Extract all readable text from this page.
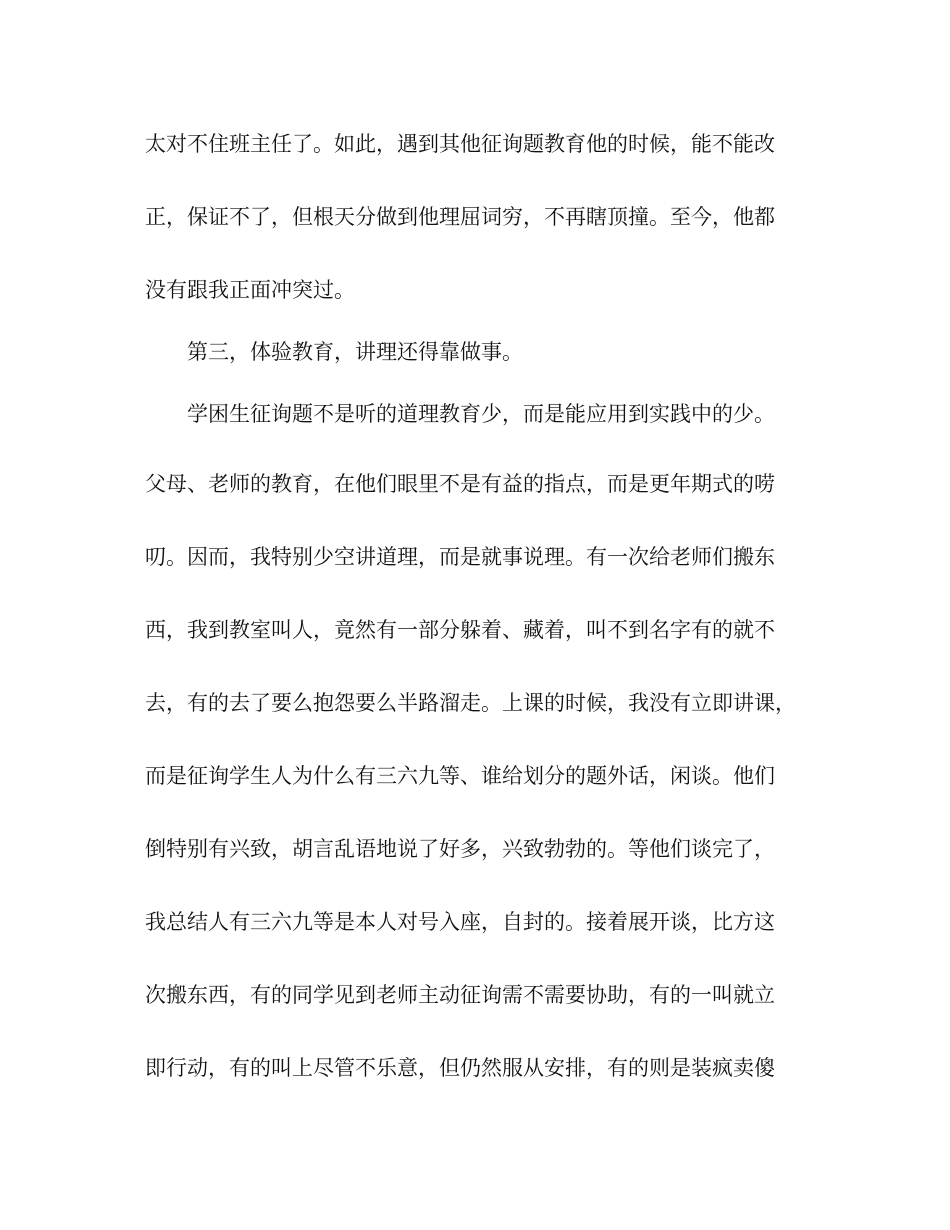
太对不住班主任了。如此，遇到其他征询题教育他的时候，能不能改
正，保证不了，但根天分做到他理屈词穷，不再瞎顶撞。至今，他都
没有跟我正面冲突过。
第三，体验教育，讲理还得靠做事。
学困生征询题不是听的道理教育少，而是能应用到实践中的少。
父母、老师的教育，在他们眼里不是有益的指点，而是更年期式的唠
叨。因而，我特别少空讲道理，而是就事说理。有一次给老师们搬东
西，我到教室叫人，竟然有一部分躲着、藏着，叫不到名字有的就不
去，有的去了要么抱怨要么半路溜走。上课的时候，我没有立即讲课，
而是征询学生人为什么有三六九等、谁给划分的题外话，闲谈。他们
倒特别有兴致，胡言乱语地说了好多，兴致勃勃的。等他们谈完了，
我总结人有三六九等是本人对号入座，自封的。接着展开谈，比方这
次搬东西，有的同学见到老师主动征询需不需要协助，有的一叫就立
即行动，有的叫上尽管不乐意，但仍然服从安排，有的则是装疯卖傻
